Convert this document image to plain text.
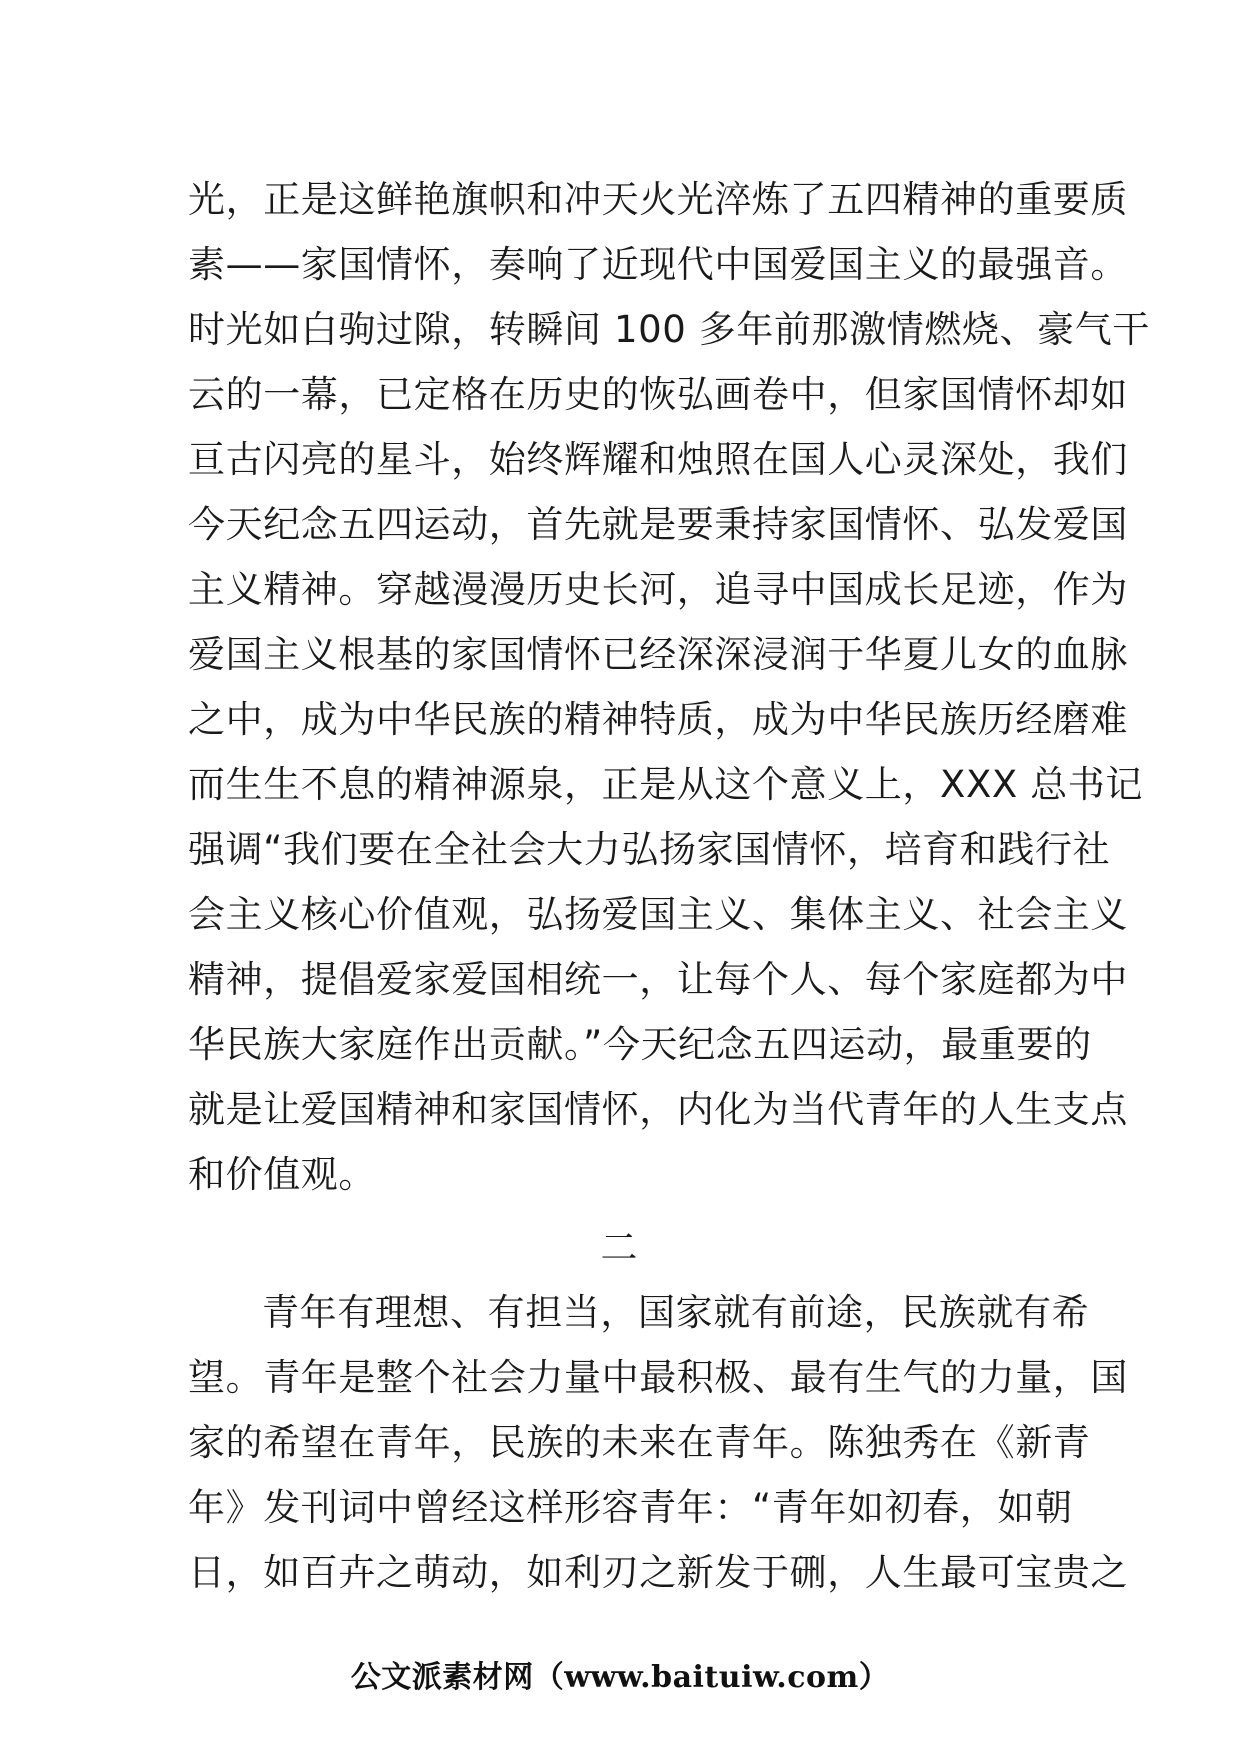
光，正是这鲜艳旗帜和冲天火光淬炼了五四精神的重要质
素——家国情怀，奏响了近现代中国爱国主义的最强音。
时光如白驹过隙，转瞬间 100 多年前那激情燃烧、豪气干
云的一幕，已定格在历史的恢弘画卷中，但家国情怀却如
亘古闪亮的星斗，始终辉耀和烛照在国人心灵深处，我们
今天纪念五四运动，首先就是要秉持家国情怀、弘发爱国
主义精神。穿越漫漫历史长河，追寻中国成长足迹，作为
爱国主义根基的家国情怀已经深深浸润于华夏儿女的血脉
之中，成为中华民族的精神特质，成为中华民族历经磨难
而生生不息的精神源泉，正是从这个意义上，XXX 总书记
强调“我们要在全社会大力弘扬家国情怀，培育和践行社
会主义核心价值观，弘扬爱国主义、集体主义、社会主义
精神，提倡爱家爱国相统一，让每个人、每个家庭都为中
华民族大家庭作出贡献。”今天纪念五四运动，最重要的
就是让爱国精神和家国情怀，内化为当代青年的人生支点
和价值观。
二
青年有理想、有担当，国家就有前途，民族就有希
望。青年是整个社会力量中最积极、最有生气的力量，国
家的希望在青年，民族的未来在青年。陈独秀在《新青
年》发刊词中曾经这样形容青年：“青年如初春，如朝
日，如百卉之萌动，如利刃之新发于硎，人生最可宝贵之
公文派素材网（www.baituiw.com）
